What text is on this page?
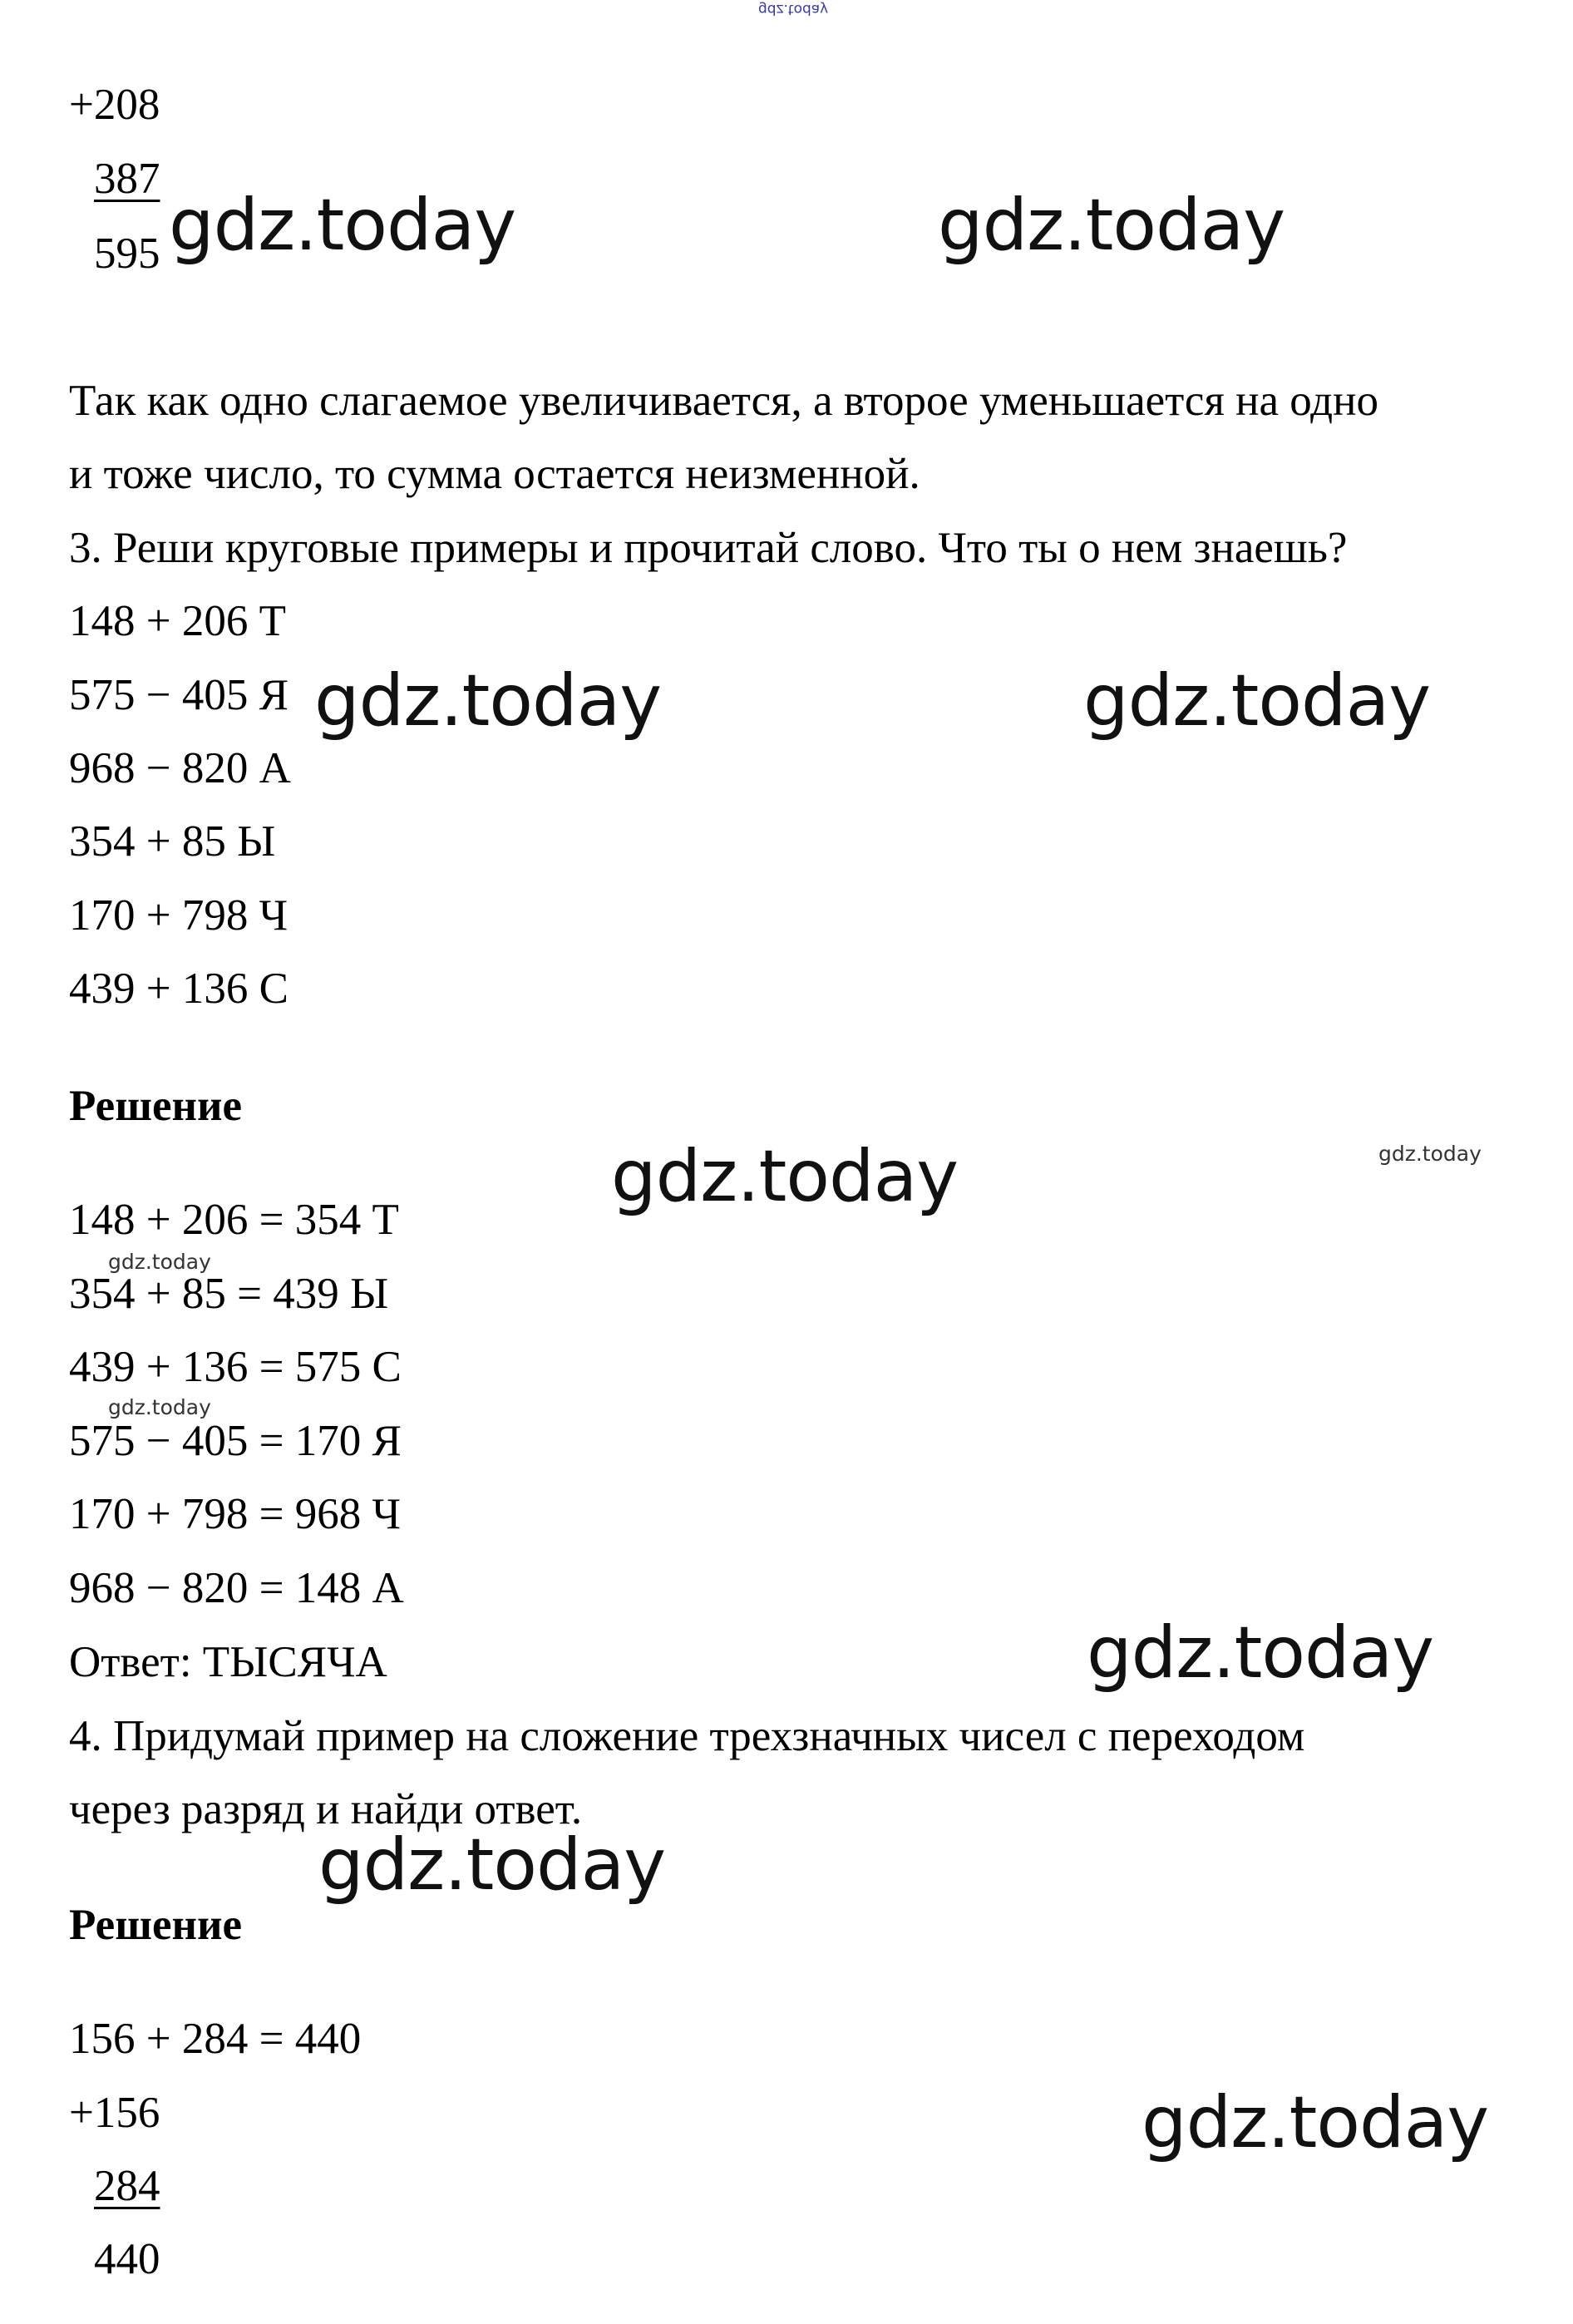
gdz.today
+208
387
595 gdz.today	gdz.today
Так как одно слагаемое увеличивается, а второе уменьшается на одно
и тоже число, то сумма остается неизменной.
3. Реши круговые примеры и прочитай слово. Что ты о нем знаешь?
148 + 206 Т
575 − 405 Я
968 − 820 А
354 + 85 Ы
170 + 798 Ч
439 + 136 С
gdz.today	gdz.today
Решение
gdz.today	gdz.today
148 + 206 = 354 Т
354 + 85 = 439 Ы
439 + 136 = 575 С
575 − 405 = 170 Я
170 + 798 = 968 Ч
968 − 820 = 148 А
gdz.today
gdz.today
Ответ: ТЫСЯЧА	gdz.today
4. Придумай пример на сложение трехзначных чисел с переходом
через разряд и найди ответ.
gdz.today
Решение
156 + 284 = 440
+156
284
440
gdz.today
